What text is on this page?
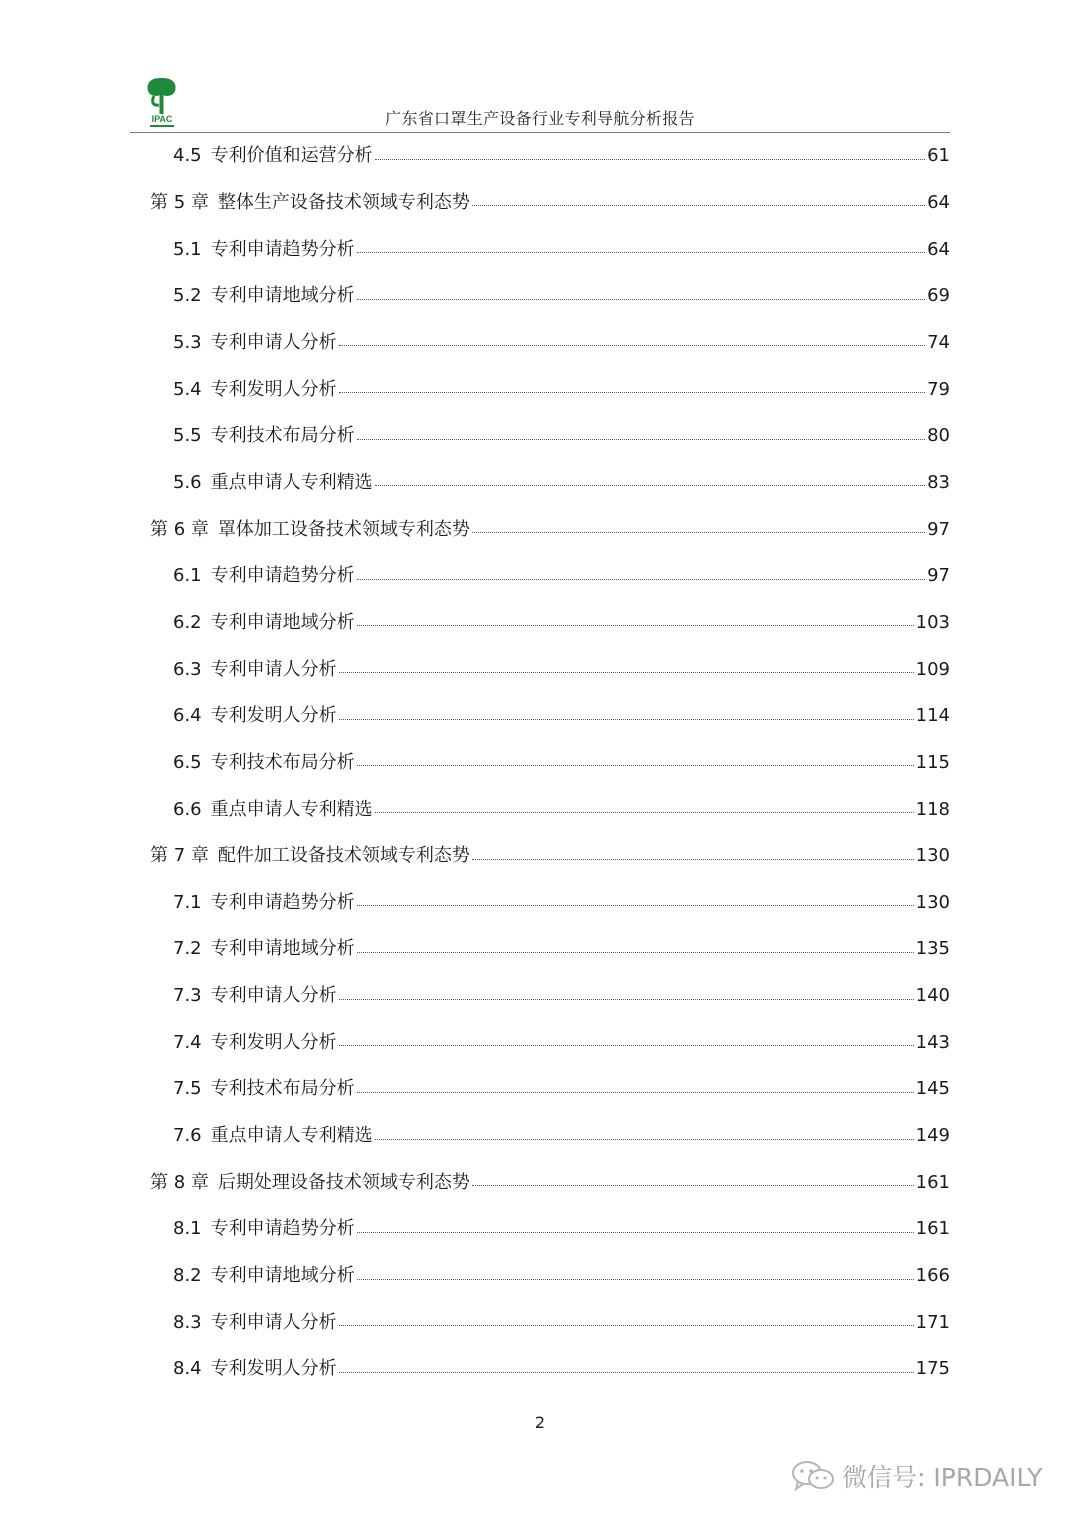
IPAC	广东省口罩生产设备行业专利导航分析报告
4.5 专利价值和运营分析	61
第 5 章 整体生产设备技术领域专利态势	64
5.1 专利申请趋势分析	64
5.2 专利申请地域分析	69
5.3 专利申请人分析	74
5.4 专利发明人分析	79
5.5 专利技术布局分析	80
5.6 重点申请人专利精选	83
第 6 章 罩体加工设备技术领域专利态势	97
6.1 专利申请趋势分析	97
6.2 专利申请地域分析	103
6.3 专利申请人分析	109
6.4 专利发明人分析	114
6.5 专利技术布局分析	115
6.6 重点申请人专利精选	118
第 7 章 配件加工设备技术领域专利态势	130
7.1 专利申请趋势分析	130
7.2 专利申请地域分析	135
7.3 专利申请人分析	140
7.4 专利发明人分析	143
7.5 专利技术布局分析	145
7.6 重点申请人专利精选	149
第 8 章 后期处理设备技术领域专利态势	161
8.1 专利申请趋势分析	161
8.2 专利申请地域分析	166
8.3 专利申请人分析	171
8.4 专利发明人分析	175
2
微信号: IPRDAILY
